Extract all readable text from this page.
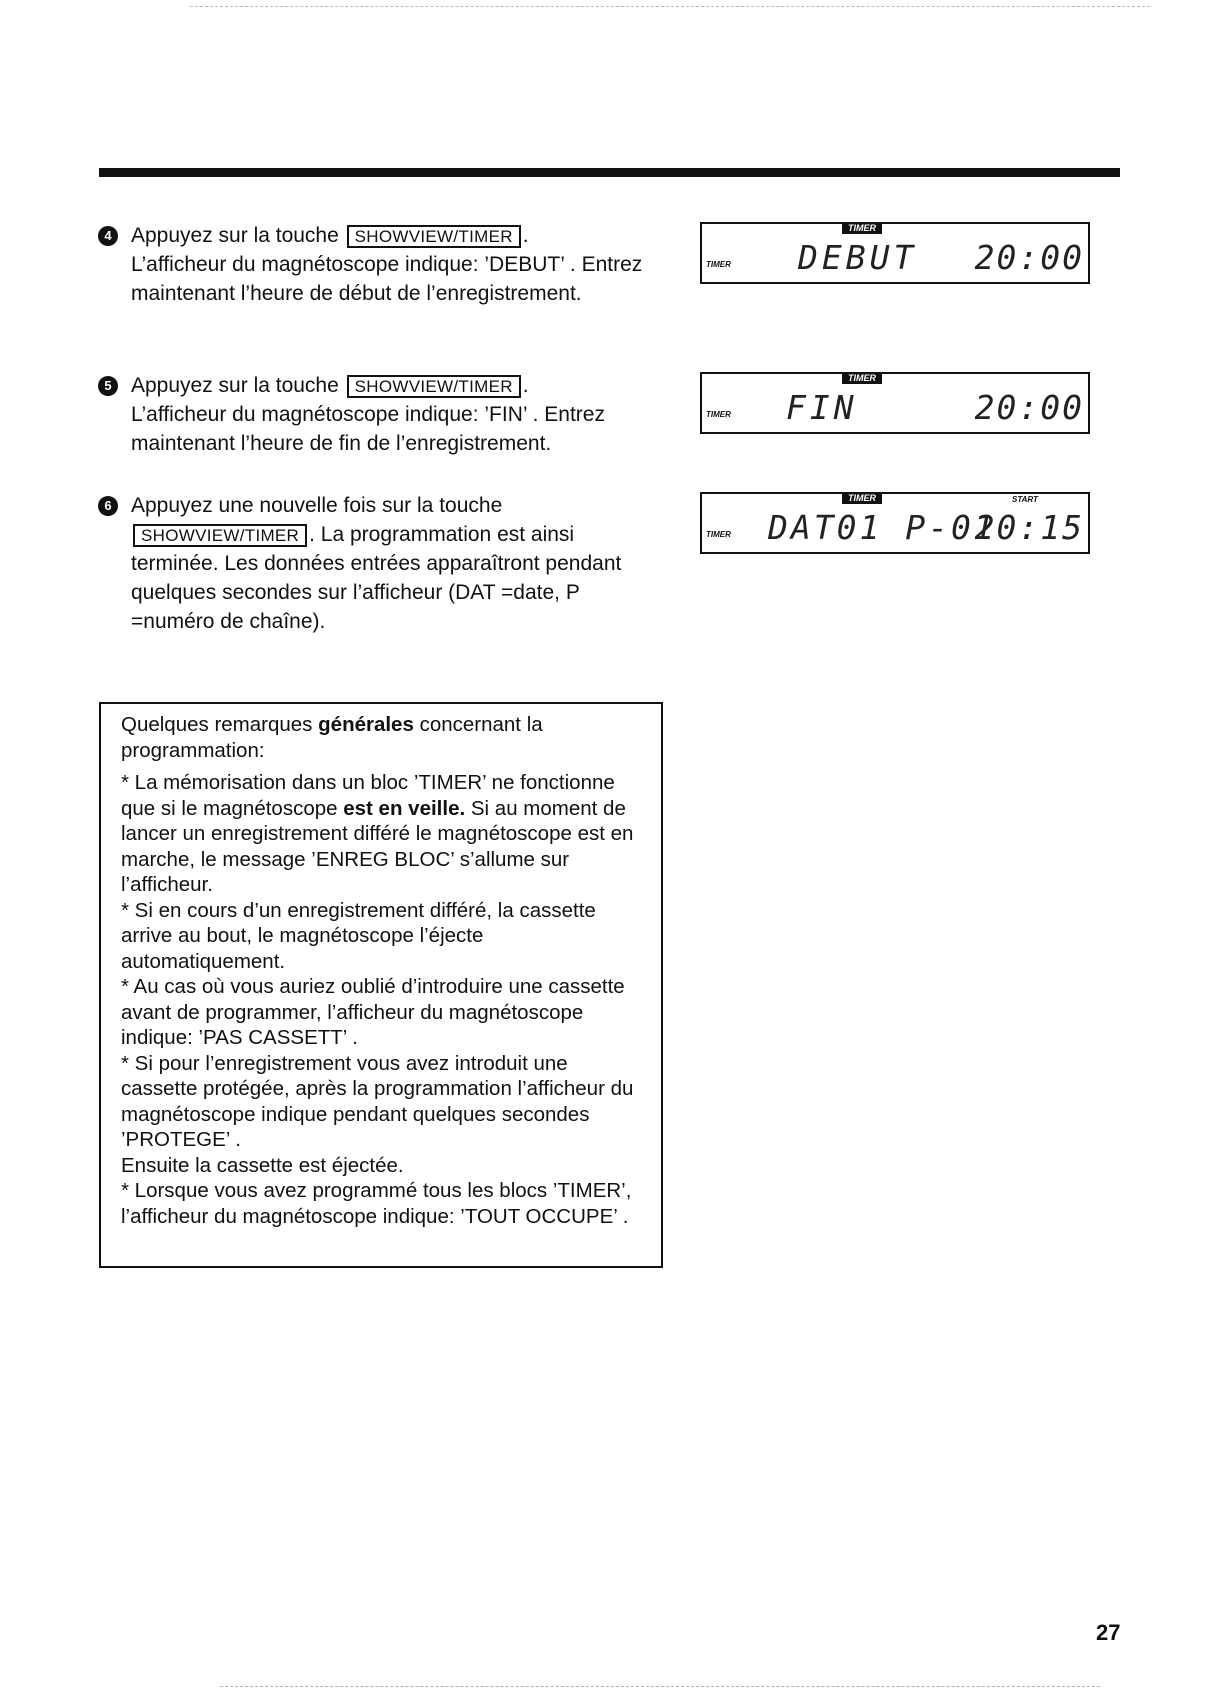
4 Appuyez sur la touche SHOWVIEW/TIMER .
L’afficheur du magnétoscope indique: ’DEBUT’ . Entrez maintenant l’heure de début de l’enregistrement.
5 Appuyez sur la touche SHOWVIEW/TIMER .
L’afficheur du magnétoscope indique: ’FIN’ . Entrez maintenant l’heure de fin de l’enregistrement.
6 Appuyez une nouvelle fois sur la touche
SHOWVIEW/TIMER . La programmation est ainsi terminée. Les données entrées apparaîtront pendant quelques secondes sur l’afficheur (DAT =date, P =numéro de chaîne).
TIMER
TIMER DEBUT 20:00
TIMER
TIMER FIN	20:00
TIMER	START
TIMER DAT01 P-01
20:15

Quelques remarques générales concernant la programmation:

* La mémorisation dans un bloc ’TIMER’ ne fonctionne que si le magnétoscope est en veille. Si au moment de lancer un enregistrement différé le magnétoscope est en marche, le message ’ENREG BLOC’ s’allume sur l’afficheur.

* Si en cours d’un enregistrement différé, la cassette arrive au bout, le magnétoscope l’éjecte automatiquement.

* Au cas où vous auriez oublié d’introduire une cassette avant de programmer, l’afficheur du magnétoscope indique: ’PAS CASSETT’ .

* Si pour l’enregistrement vous avez introduit une cassette protégée, après la programmation l’afficheur du magnétoscope indique pendant quelques secondes ’PROTEGE’ .

Ensuite la cassette est éjectée.

* Lorsque vous avez programmé tous les blocs ’TIMER’, l’afficheur du magnétoscope indique: ’TOUT OCCUPE’ .

27
